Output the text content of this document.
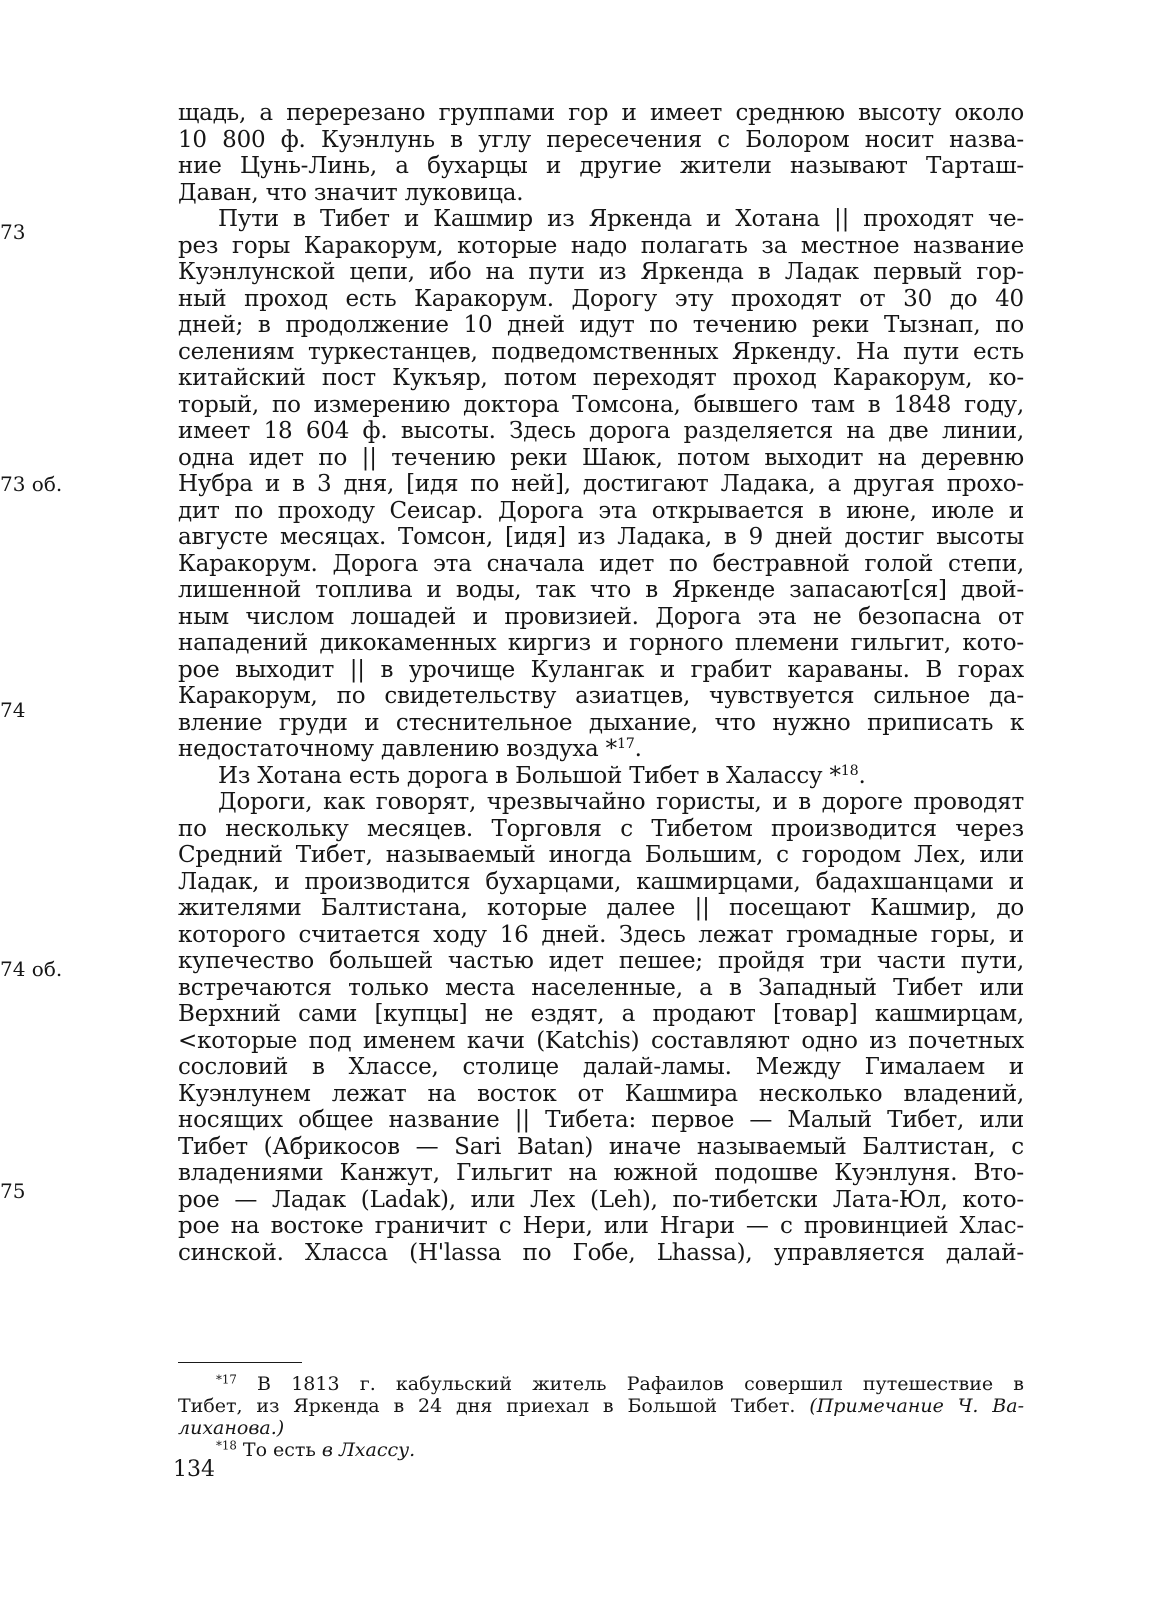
73
73 об.
74
74 об.
75
щадь, а перерезано группами гор и имеет среднюю высоту около
10 800 ф. Куэнлунь в углу пересечения с Болором носит назва-
ние Цунь-Линь, а бухарцы и другие жители называют Тарташ-
Даван, что значит луковица.
Пути в Тибет и Кашмир из Яркенда и Хотана || проходят че-
рез горы Каракорум, которые надо полагать за местное название
Куэнлунской цепи, ибо на пути из Яркенда в Ладак первый гор-
ный проход есть Каракорум. Дорогу эту проходят от 30 до 40
дней; в продолжение 10 дней идут по течению реки Тызнап, по
селениям туркестанцев, подведомственных Яркенду. На пути есть
китайский пост Кукъяр, потом переходят проход Каракорум, ко-
торый, по измерению доктора Томсона, бывшего там в 1848 году,
имеет 18 604 ф. высоты. Здесь дорога разделяется на две линии,
одна идет по || течению реки Шаюк, потом выходит на деревню
Нубра и в 3 дня, [идя по ней], достигают Ладака, а другая прохо-
дит по проходу Сеисар. Дорога эта открывается в июне, июле и
августе месяцах. Томсон, [идя] из Ладака, в 9 дней достиг высоты
Каракорум. Дорога эта сначала идет по бестравной голой степи,
лишенной топлива и воды, так что в Яркенде запасают[ся] двой-
ным числом лошадей и провизией. Дорога эта не безопасна от
нападений дикокаменных киргиз и горного племени гильгит, кото-
рое выходит || в урочище Кулангак и грабит караваны. В горах
Каракорум, по свидетельству азиатцев, чувствуется сильное да-
вление груди и стеснительное дыхание, что нужно приписать к
недостаточному давлению воздуха *$^{17}$.
Из Хотана есть дорога в Большой Тибет в Халассу *$^{18}$.
Дороги, как говорят, чрезвычайно гористы, и в дороге проводят
по нескольку месяцев. Торговля с Тибетом производится через
Средний Тибет, называемый иногда Большим, с городом Лех, или
Ладак, и производится бухарцами, кашмирцами, бадахшанцами и
жителями Балтистана, которые далее || посещают Кашмир, до
которого считается ходу 16 дней. Здесь лежат громадные горы, и
купечество большей частью идет пешее; пройдя три части пути,
встречаются только места населенные, а в Западный Тибет или
Верхний сами [купцы] не ездят, а продают [товар] кашмирцам,
<которые под именем качи (Katchis) составляют одно из почетных
сословий в Хлассе, столице далай-ламы. Между Гималаем и
Куэнлунем лежат на восток от Кашмира несколько владений,
носящих общее название || Тибета: первое — Малый Тибет, или
Тибет (Абрикосов — Sari Batan) иначе называемый Балтистан, с
владениями Канжут, Гильгит на южной подошве Куэнлуня. Вто-
рое — Ладак (Ladak), или Лех (Leh), по-тибетски Лата-Юл, кото-
рое на востоке граничит с Нери, или Нгари — с провинцией Хлас-
синской. Хласса (H'lassa по Гобе, Lhassa), управляется далай-
$^{*17}$ В 1813 г. кабульский житель Рафаилов совершил путешествие в
Тибет, из Яркенда в 24 дня приехал в Большой Тибет. (Примечание Ч. Ва-
лиханова.)
$^{*18}$ То есть в Лхассу.
134
